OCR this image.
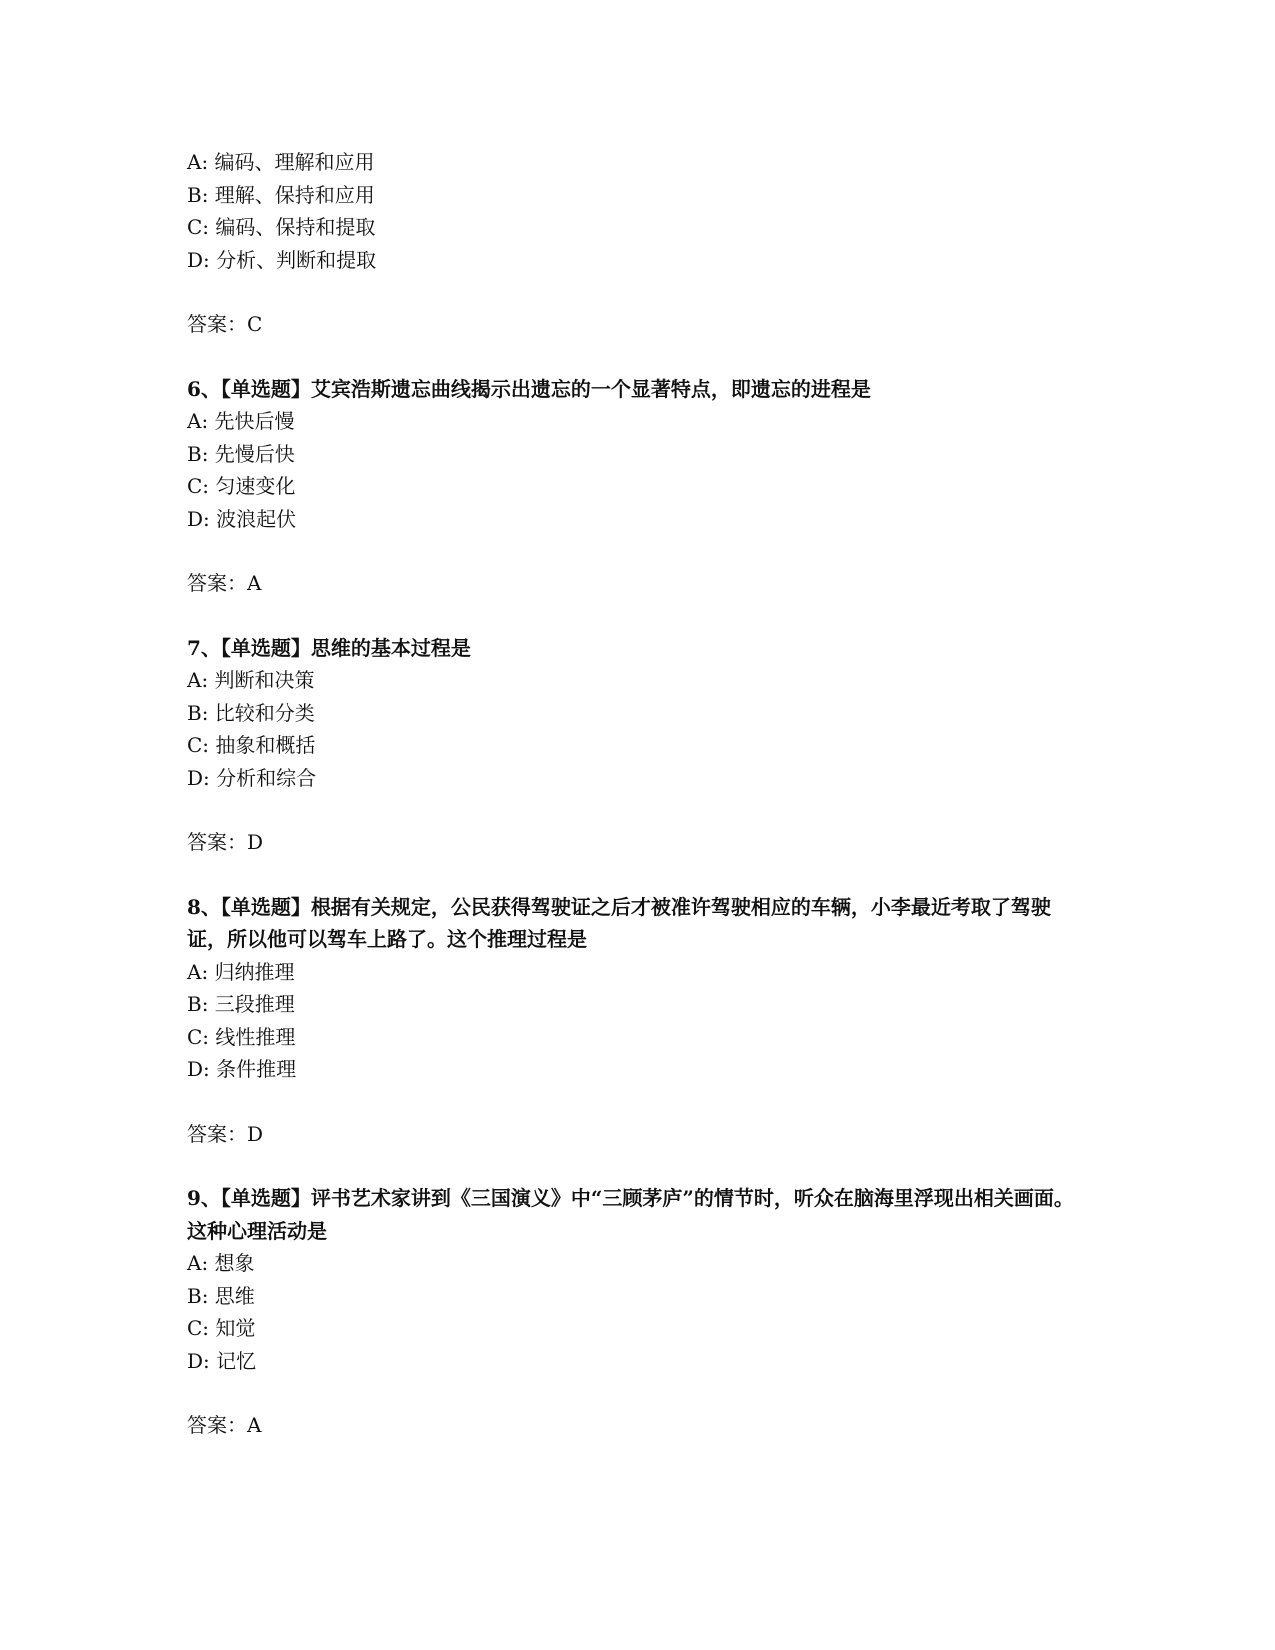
A: 编码、理解和应用
B: 理解、保持和应用
C: 编码、保持和提取
D: 分析、判断和提取
答案：C
6、【单选题】艾宾浩斯遗忘曲线揭示出遗忘的一个显著特点，即遗忘的进程是
A: 先快后慢
B: 先慢后快
C: 匀速变化
D: 波浪起伏
答案：A
7、【单选题】思维的基本过程是
A: 判断和决策
B: 比较和分类
C: 抽象和概括
D: 分析和综合
答案：D
8、【单选题】根据有关规定，公民获得驾驶证之后才被准许驾驶相应的车辆，小李最近考取了驾驶证，所以他可以驾车上路了。这个推理过程是
A: 归纳推理
B: 三段推理
C: 线性推理
D: 条件推理
答案：D
9、【单选题】评书艺术家讲到《三国演义》中“三顾茅庐”的情节时，听众在脑海里浮现出相关画面。这种心理活动是
A: 想象
B: 思维
C: 知觉
D: 记忆
答案：A
